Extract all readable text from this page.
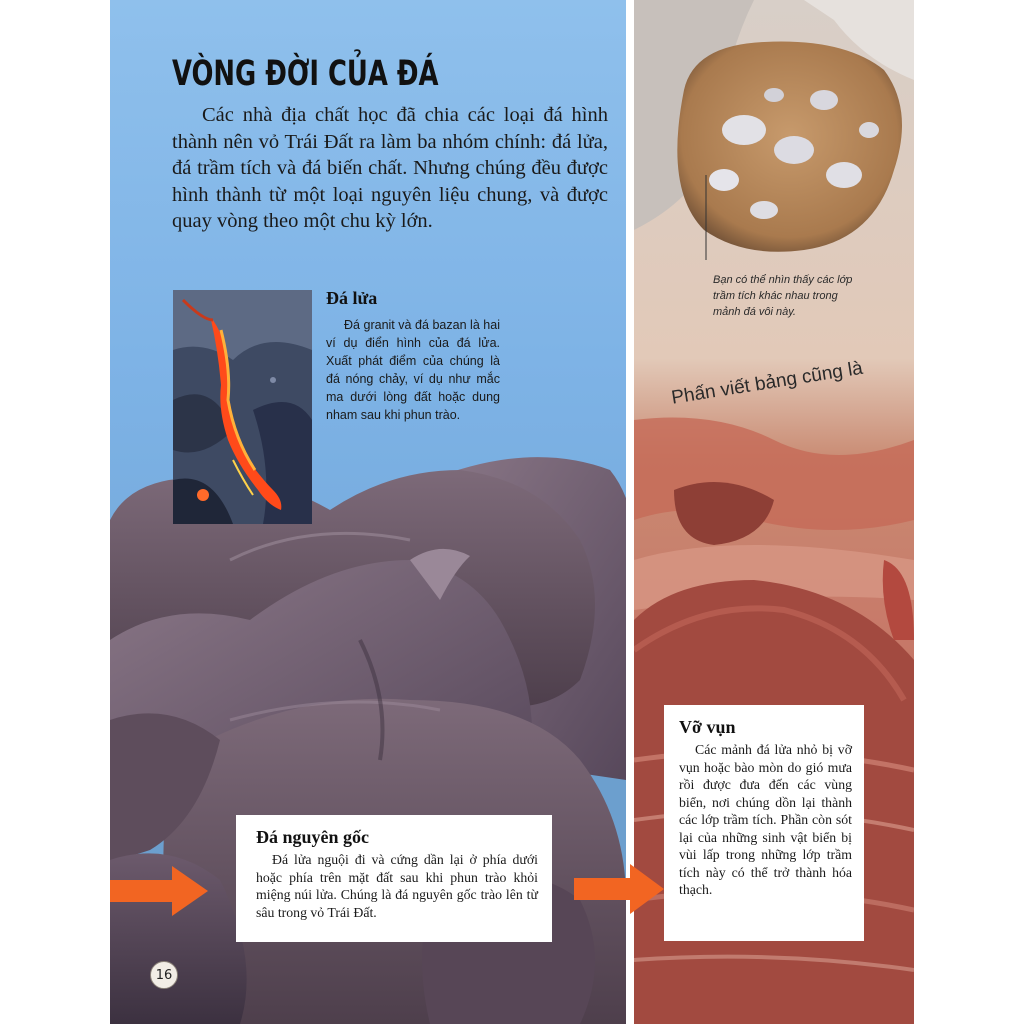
VÒNG ĐỜI CỦA ĐÁ
Các nhà địa chất học đã chia các loại đá hình thành nên vỏ Trái Đất ra làm ba nhóm chính: đá lửa, đá trầm tích và đá biến chất. Nhưng chúng đều được hình thành từ một loại nguyên liệu chung, và được quay vòng theo một chu kỳ lớn.
Đá lửa
Đá granit và đá bazan là hai ví dụ điển hình của đá lửa. Xuất phát điểm của chúng là đá nóng chảy, ví dụ như mắc ma dưới lòng đất hoặc dung nham sau khi phun trào.
Đá nguyên gốc
Đá lửa nguội đi và cứng dần lại ở phía dưới hoặc phía trên mặt đất sau khi phun trào khỏi miệng núi lửa. Chúng là đá nguyên gốc trào lên từ sâu trong vỏ Trái Đất.
Bạn có thể nhìn thấy các lớp trầm tích khác nhau trong mảnh đá vôi này.
Phấn viết bảng cũng là
Vỡ vụn
Các mảnh đá lửa nhỏ bị vỡ vụn hoặc bào mòn do gió mưa rồi được đưa đến các vùng biển, nơi chúng dồn lại thành các lớp trầm tích. Phần còn sót lại của những sinh vật biển bị vùi lấp trong những lớp trầm tích này có thể trở thành hóa thạch.
16
